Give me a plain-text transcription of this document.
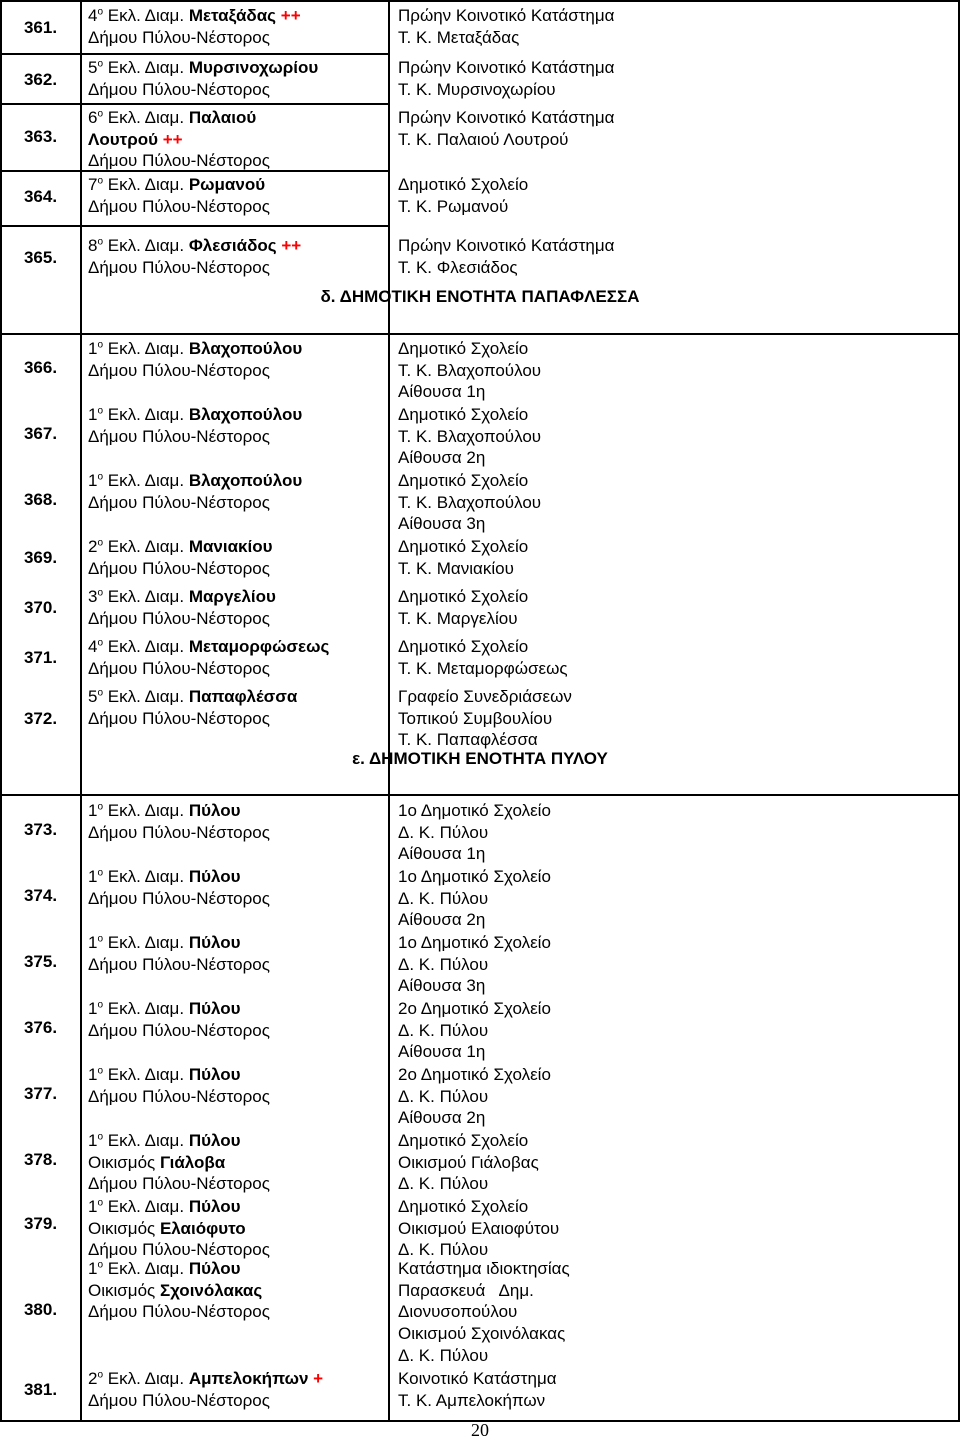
361.
$4^o$ Εκλ. Διαμ. Μεταξάδας ++
Δήμου Πύλου-Νέστορος
Πρώην Κοινοτικό Κατάστημα
Τ. Κ. Μεταξάδας
362.
$5^o$ Εκλ. Διαμ. Μυρσινοχωρίου
Δήμου Πύλου-Νέστορος
Πρώην Κοινοτικό Κατάστημα
Τ. Κ. Μυρσινοχωρίου
363.
$6^o$ Εκλ. Διαμ. Παλαιού
Λουτρού ++
Δήμου Πύλου-Νέστορος
Πρώην Κοινοτικό Κατάστημα
Τ. Κ. Παλαιού Λουτρού
364.
$7^o$ Εκλ. Διαμ. Ρωμανού
Δήμου Πύλου-Νέστορος
Δημοτικό Σχολείο
Τ. Κ. Ρωμανού
365.
$8^o$ Εκλ. Διαμ. Φλεσιάδος ++
Δήμου Πύλου-Νέστορος
Πρώην Κοινοτικό Κατάστημα
Τ. Κ. Φλεσιάδος
δ. ΔΗΜΟΤΙΚΗ ΕΝΟΤΗΤΑ ΠΑΠΑΦΛΕΣΣΑ
366.
$1^o$ Εκλ. Διαμ. Βλαχοπούλου
Δήμου Πύλου-Νέστορος
Δημοτικό Σχολείο
Τ. Κ. Βλαχοπούλου
Αίθουσα 1η
367.
$1^o$ Εκλ. Διαμ. Βλαχοπούλου
Δήμου Πύλου-Νέστορος
Δημοτικό Σχολείο
Τ. Κ. Βλαχοπούλου
Αίθουσα 2η
368.
$1^o$ Εκλ. Διαμ. Βλαχοπούλου
Δήμου Πύλου-Νέστορος
Δημοτικό Σχολείο
Τ. Κ. Βλαχοπούλου
Αίθουσα 3η
369.
$2^o$ Εκλ. Διαμ. Μανιακίου
Δήμου Πύλου-Νέστορος
Δημοτικό Σχολείο
Τ. Κ. Μανιακίου
370.
$3^o$ Εκλ. Διαμ. Μαργελίου
Δήμου Πύλου-Νέστορος
Δημοτικό Σχολείο
Τ. Κ. Μαργελίου
371.
$4^o$ Εκλ. Διαμ. Μεταμορφώσεως
Δήμου Πύλου-Νέστορος
Δημοτικό Σχολείο
Τ. Κ. Μεταμορφώσεως
372.
$5^o$ Εκλ. Διαμ. Παπαφλέσσα
Δήμου Πύλου-Νέστορος
Γραφείο Συνεδριάσεων
Τοπικού Συμβουλίου
Τ. Κ. Παπαφλέσσα
ε. ΔΗΜΟΤΙΚΗ ΕΝΟΤΗΤΑ ΠΥΛΟΥ
373.
$1^o$ Εκλ. Διαμ. Πύλου
Δήμου Πύλου-Νέστορος
1ο Δημοτικό Σχολείο
Δ. Κ. Πύλου
Αίθουσα 1η
374.
$1^o$ Εκλ. Διαμ. Πύλου
Δήμου Πύλου-Νέστορος
1ο Δημοτικό Σχολείο
Δ. Κ. Πύλου
Αίθουσα 2η
375.
$1^o$ Εκλ. Διαμ. Πύλου
Δήμου Πύλου-Νέστορος
1ο Δημοτικό Σχολείο
Δ. Κ. Πύλου
Αίθουσα 3η
376.
$1^o$ Εκλ. Διαμ. Πύλου
Δήμου Πύλου-Νέστορος
2ο Δημοτικό Σχολείο
Δ. Κ. Πύλου
Αίθουσα 1η
377.
$1^o$ Εκλ. Διαμ. Πύλου
Δήμου Πύλου-Νέστορος
2ο Δημοτικό Σχολείο
Δ. Κ. Πύλου
Αίθουσα 2η
378.
$1^o$ Εκλ. Διαμ. Πύλου
Οικισμός Γιάλοβα
Δήμου Πύλου-Νέστορος
Δημοτικό Σχολείο
Οικισμού Γιάλοβας
Δ. Κ. Πύλου
379.
$1^o$ Εκλ. Διαμ. Πύλου
Οικισμός Ελαιόφυτο
Δήμου Πύλου-Νέστορος
Δημοτικό Σχολείο
Οικισμού Ελαιοφύτου
Δ. Κ. Πύλου
380.
$1^o$ Εκλ. Διαμ. Πύλου
Οικισμός Σχοινόλακας
Δήμου Πύλου-Νέστορος
Κατάστημα ιδιοκτησίας
Παρασκευά   Δημ.
Διονυσοπούλου
Οικισμού Σχοινόλακας
Δ. Κ. Πύλου
381.
$2^o$ Εκλ. Διαμ. Αμπελοκήπων +
Δήμου Πύλου-Νέστορος
Κοινοτικό Κατάστημα
Τ. Κ. Αμπελοκήπων
20
